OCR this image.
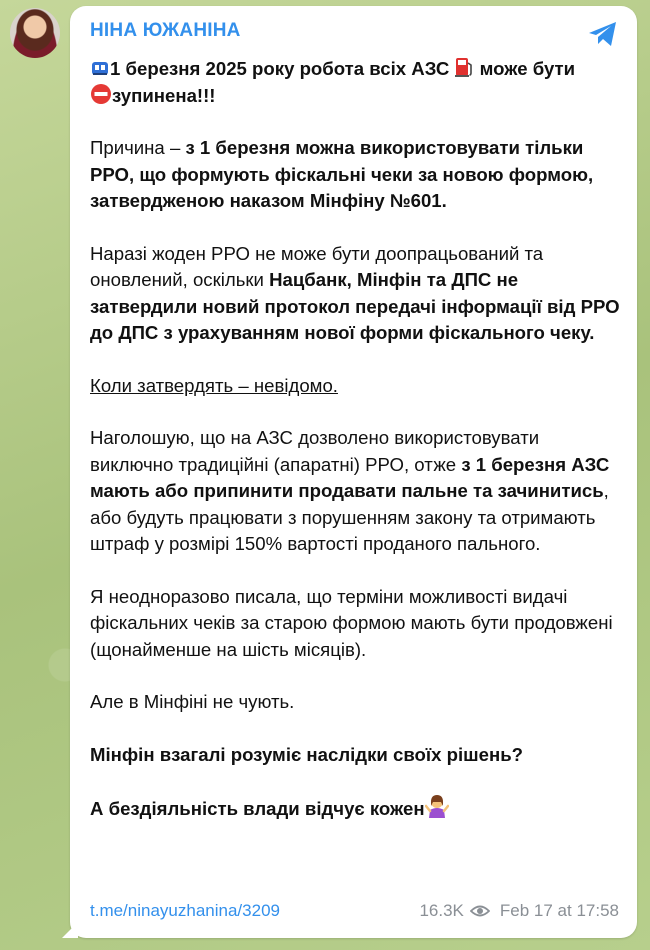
НІНА ЮЖАНІНА

1 березня 2025 року робота всіх АЗС  може бути
зупинена!!!

Причина – з 1 березня можна використовувати тільки РРО, що формують фіскальні чеки за новою формою, затвердженою наказом Мінфіну №601.

Наразі жоден РРО не може бути доопрацьований та оновлений, оскільки Нацбанк, Мінфін та ДПС не затвердили новий протокол передачі інформації від РРО до ДПС з урахуванням нової форми фіскального чеку.

Коли затвердять – невідомо.

Наголошую, що на АЗС дозволено використовувати виключно традиційні (апаратні) РРО, отже з 1 березня АЗС мають або припинити продавати пальне та зачинитись, або будуть працювати з порушенням закону та отримають штраф у розмірі 150% вартості проданого пального.

Я неодноразово писала, що терміни можливості видачі фіскальних чеків за старою формою мають бути продовжені (щонайменше на шість місяців).

Але в Мінфіні не чують.

Мінфін взагалі розуміє наслідки своїх рішень?

А бездіяльність влади відчує кожен

t.me/ninayuzhanina/3209	16.3K Feb 17 at 17:58
